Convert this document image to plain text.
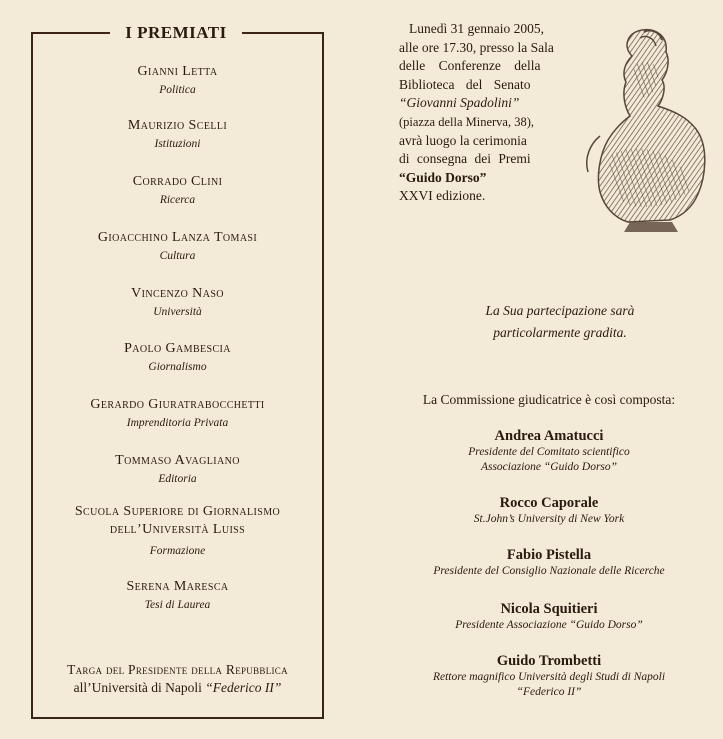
I PREMIATI
Gianni Letta
Politica
Maurizio Scelli
Istituzioni
Corrado Clini
Ricerca
Gioacchino Lanza Tomasi
Cultura
Vincenzo Naso
Università
Paolo Gambescia
Giornalismo
Gerardo Giuratrabocchetti
Imprenditoria Privata
Tommaso Avagliano
Editoria
Scuola Superiore di Giornalismo
dell’Università Luiss
Formazione
Serena Maresca
Tesi di Laurea
Targa del Presidente della Repubblica
all’Università di Napoli “Federico II”
Lunedì 31 gennaio 2005,
alle ore 17.30, presso la Sala
delle Conferenze della
Biblioteca del Senato
“Giovanni Spadolini”
(piazza della Minerva, 38),
avrà luogo la cerimonia
di consegna dei Premi
“Guido Dorso”
XXVI edizione.
La Sua partecipazione sarà
particolarmente gradita.
La Commissione giudicatrice è così composta:
Andrea Amatucci
Presidente del Comitato scientifico
Associazione “Guido Dorso”
Rocco Caporale
St.John’s University di New York
Fabio Pistella
Presidente del Consiglio Nazionale delle Ricerche
Nicola Squitieri
Presidente Associazione “Guido Dorso”
Guido Trombetti
Rettore magnifico Università degli Studi di Napoli
“Federico II”
